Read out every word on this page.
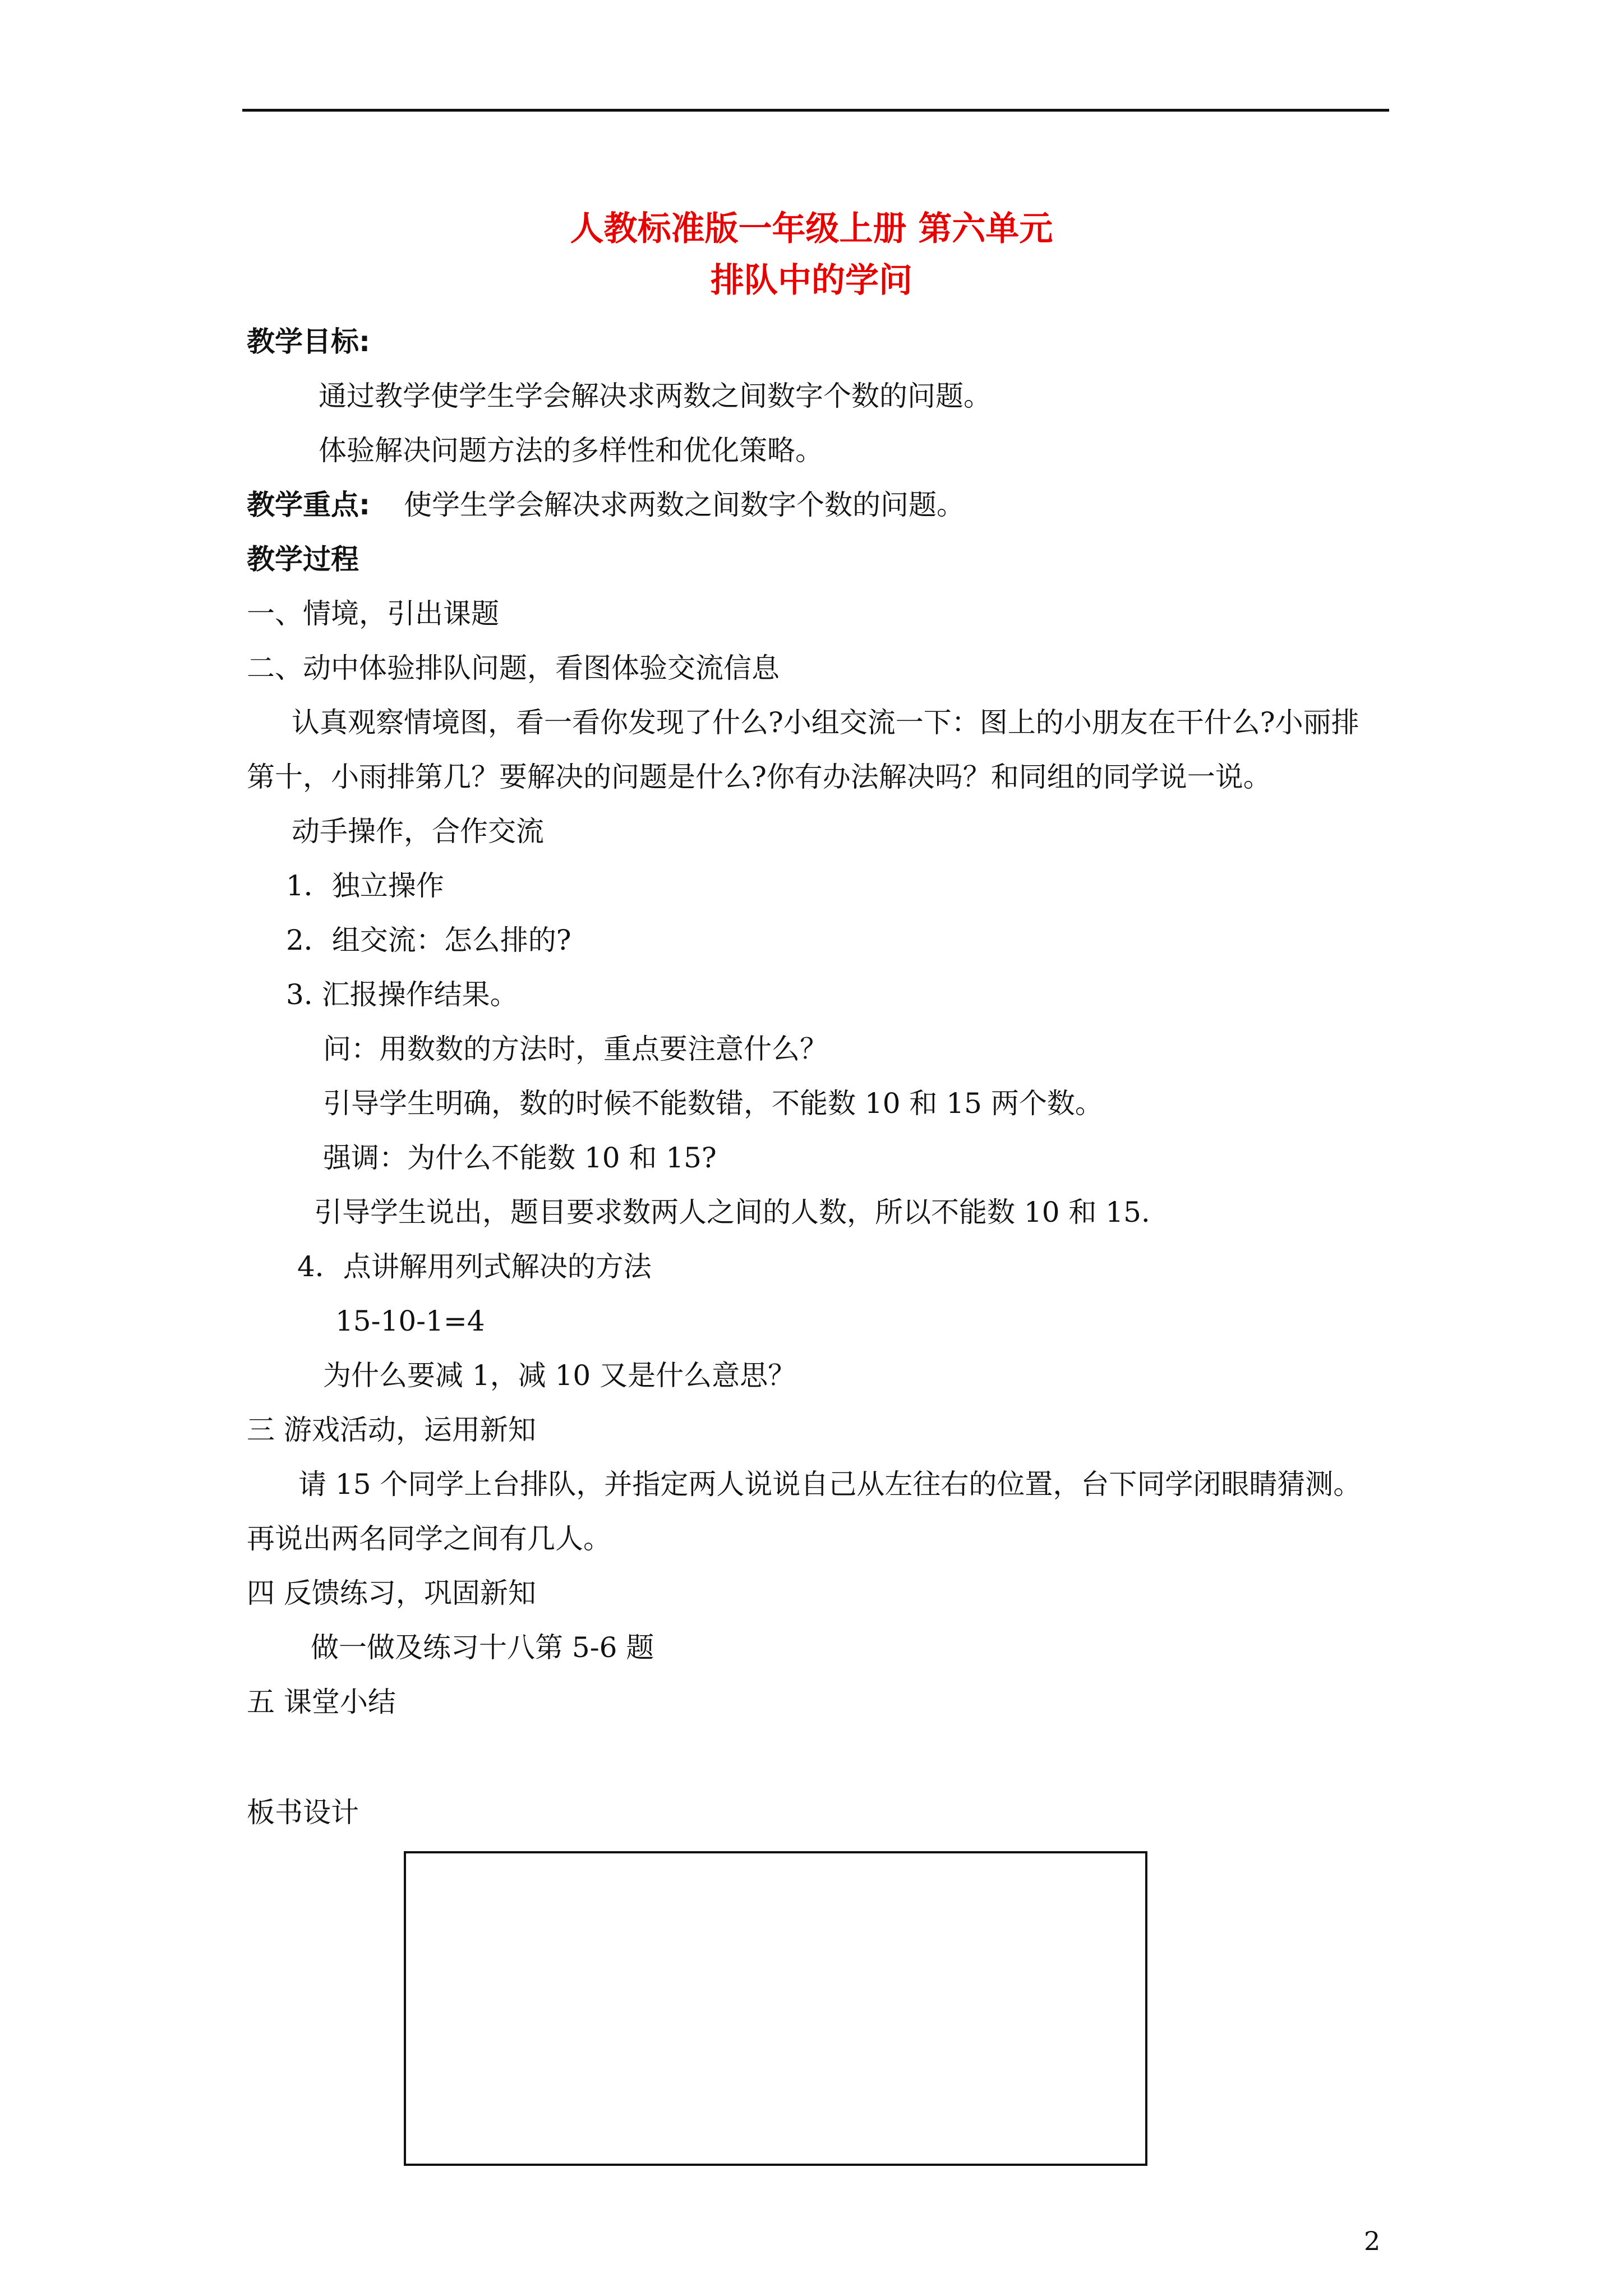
人教标准版一年级上册 第六单元
排队中的学问
教学目标:
通过教学使学生学会解决求两数之间数字个数的问题。
体验解决问题方法的多样性和优化策略。
教学重点: 使学生学会解决求两数之间数字个数的问题。
教学过程
一、情境，引出课题
二、动中体验排队问题，看图体验交流信息
认真观察情境图，看一看你发现了什么?小组交流一下：图上的小朋友在干什么?小丽排
第十，小雨排第几？要解决的问题是什么?你有办法解决吗？和同组的同学说一说。
动手操作，合作交流
1．独立操作
2．组交流：怎么排的?
3. 汇报操作结果。
问：用数数的方法时，重点要注意什么？
引导学生明确，数的时候不能数错，不能数 10 和 15 两个数。
强调：为什么不能数 10 和 15?
引导学生说出，题目要求数两人之间的人数，所以不能数 10 和 15.
4．点讲解用列式解决的方法
15-10-1=4
为什么要减 1，减 10 又是什么意思？
三 游戏活动，运用新知
请 15 个同学上台排队，并指定两人说说自己从左往右的位置，台下同学闭眼睛猜测。
再说出两名同学之间有几人。
四 反馈练习，巩固新知
做一做及练习十八第 5-6 题
五 课堂小结
板书设计
2
